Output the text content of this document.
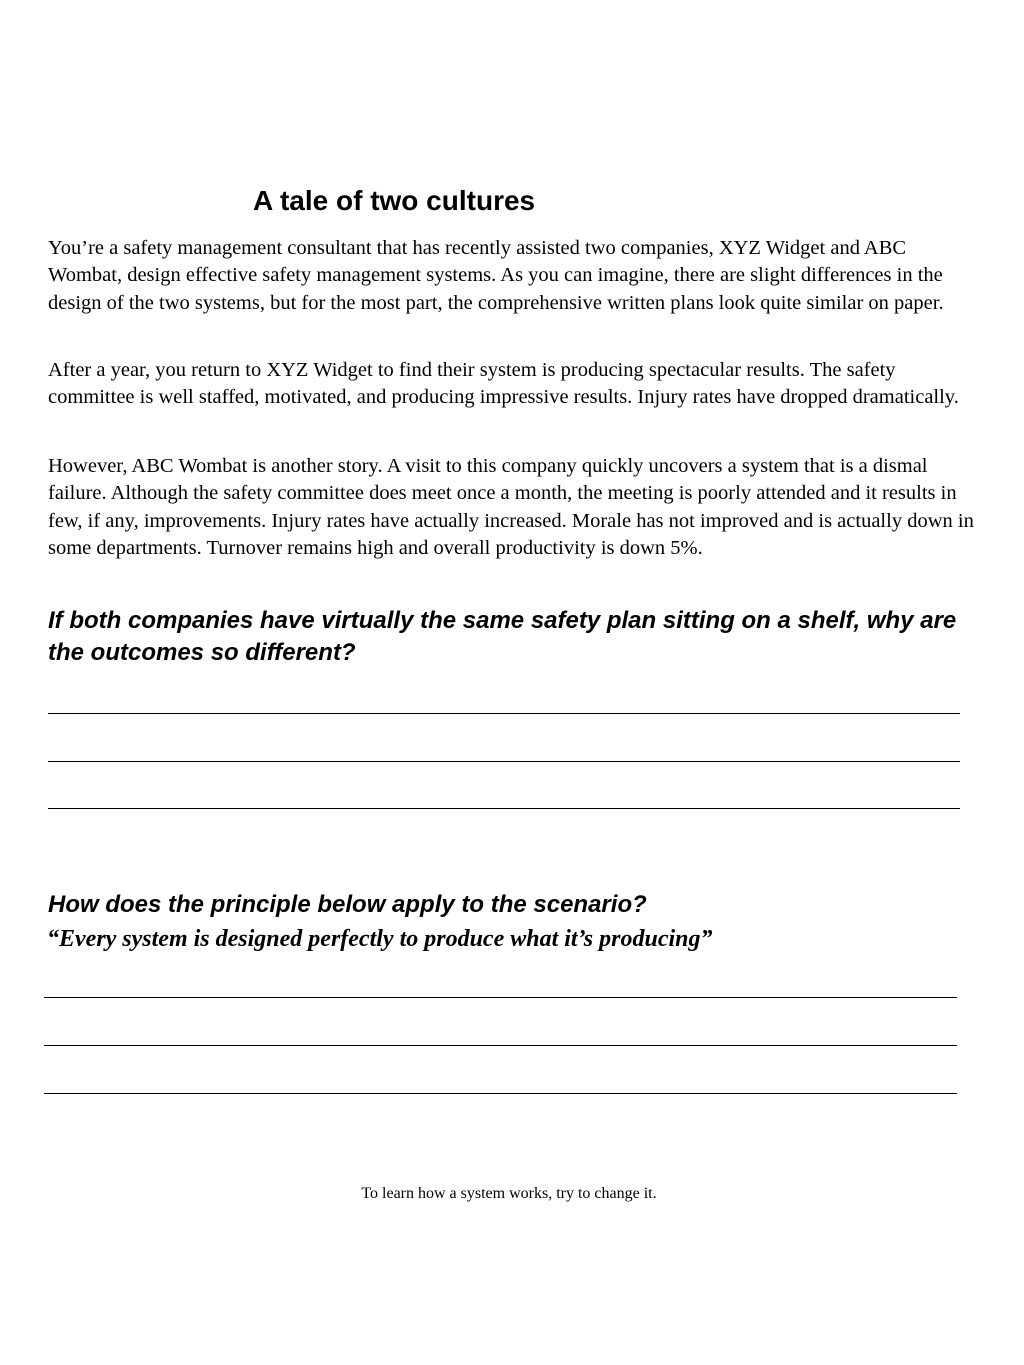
A tale of two cultures

You’re a safety management consultant that has recently assisted two companies, XYZ Widget and ABC Wombat, design effective safety management systems. As you can imagine, there are slight differences in the design of the two systems, but for the most part, the comprehensive written plans look quite similar on paper.

After a year, you return to XYZ Widget to find their system is producing spectacular results. The safety committee is well staffed, motivated, and producing impressive results. Injury rates have dropped dramatically.

However, ABC Wombat is another story. A visit to this company quickly uncovers a system that is a dismal failure. Although the safety committee does meet once a month, the meeting is poorly attended and it results in few, if any, improvements. Injury rates have actually increased. Morale has not improved and is actually down in some departments. Turnover remains high and overall productivity is down 5%.

If both companies have virtually the same safety plan sitting on a shelf, why are the outcomes so different?

How does the principle below apply to the scenario?

“Every system is designed perfectly to produce what it’s producing”

To learn how a system works, try to change it.
